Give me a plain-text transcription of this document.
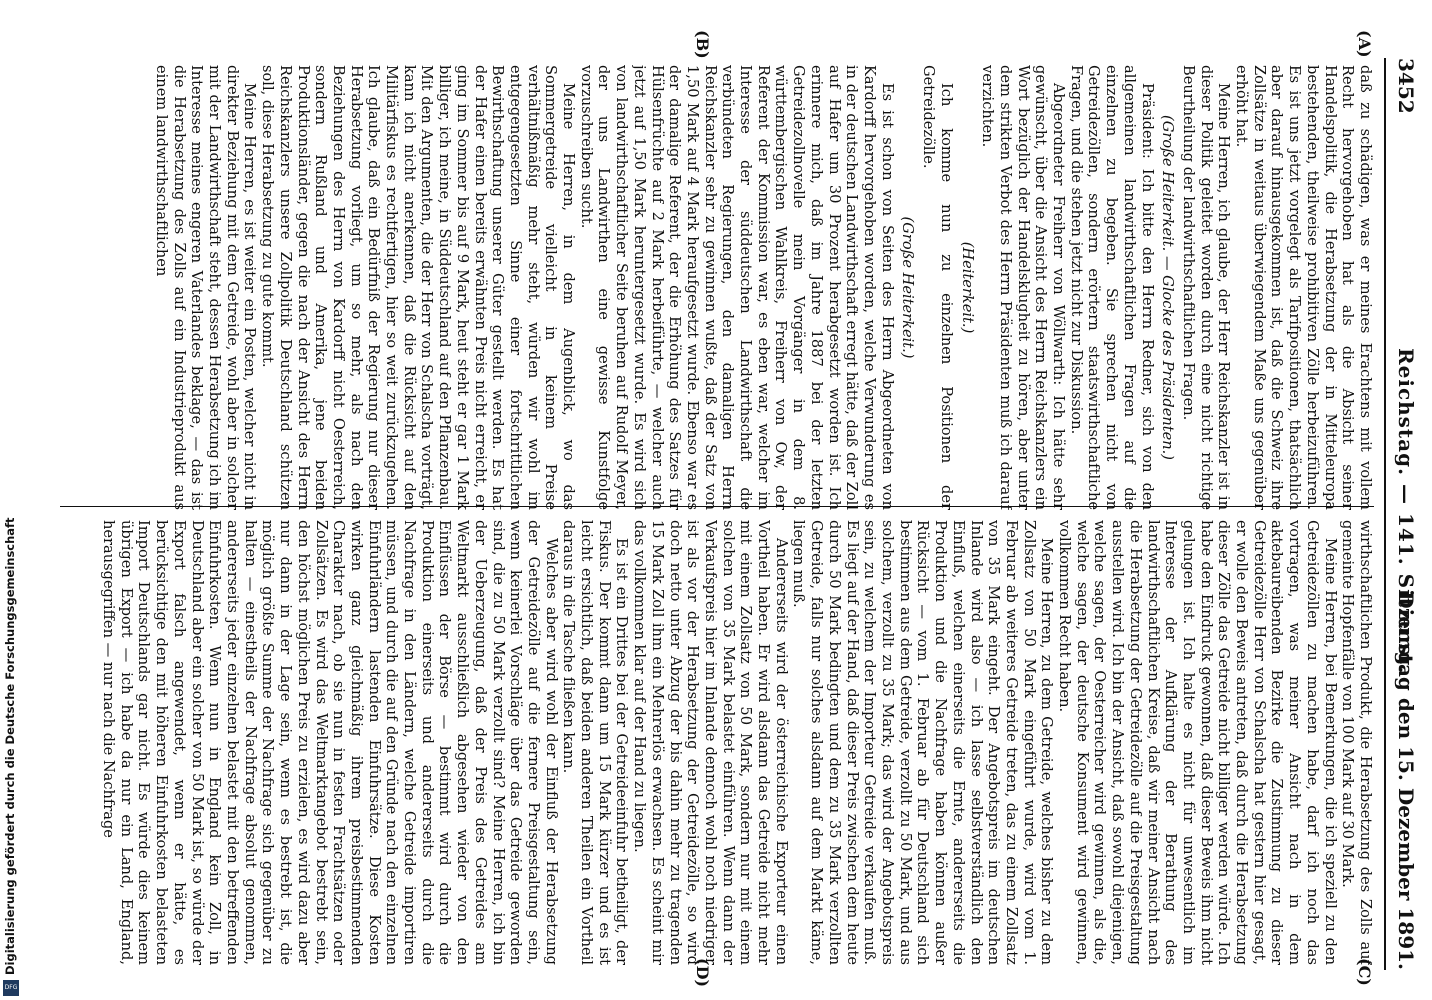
3452
Reichstag. — 141. Sitzung.
Dienstag den 15. Dezember 1891.
(A)
(B)
(C)
(D)

daß zu schädigen, was er meines Erachtens mit vollem Recht hervorgehoben hat als die Absicht seiner Handelspolitik, die Herabsetzung der in Mitteleuropa bestehenden, theilweise prohibitiven Zölle herbeizuführen. Es ist uns jetzt vorgelegt als Tarifpositionen, thatsächlich aber darauf hinausgekommen ist, daß die Schweiz ihre Zollsätze in weitaus überwiegendem Maße uns gegenüber erhöht hat.

Meine Herren, ich glaube, der Herr Reichskanzler ist in dieser Politik geleitet worden durch eine nicht richtige Beurtheilung der landwirthschaftlichen Fragen.

(Große Heiterkeit. — Glocke des Präsidenten.)

Präsident: Ich bitte den Herrn Redner, sich von den allgemeinen landwirthschaftlichen Fragen auf die einzelnen zu begeben. Sie sprechen nicht von Getreidezöllen, sondern erörtern staatswirthschaftliche Fragen, und die stehen jetzt nicht zur Diskussion.

Abgeordneter Freiherr von Wöllwarth: Ich hätte sehr gewünscht, über die Ansicht des Herrn Reichskanzlers ein Wort bezüglich der Handelsklugheit zu hören, aber unter dem strikten Verbot des Herrn Präsidenten muß ich darauf verzichten.

(Heiterkeit.)

Ich komme nun zu einzelnen Positionen der Getreidezölle.

(Große Heiterkeit.)

Es ist schon von Seiten des Herrn Abgeordneten von Kardorff hervorgehoben worden, welche Verwunderung es in der deutschen Landwirthschaft erregt hätte, daß der Zoll auf Hafer um 30 Prozent herabgesetzt worden ist. Ich erinnere mich, daß im Jahre 1887 bei der letzten Getreidezollnovelle mein Vorgänger in dem 8. württembergischen Wahlkreis, Freiherr von Ow, der Referent der Kommission war, es eben war, welcher im Interesse der süddeutschen Landwirthschaft die verbündeten Regierungen, den damaligen Herrn Reichskanzler sehr zu gewinnen wußte, daß der Satz von 1,50 Mark auf 4 Mark heraufgesetzt wurde. Ebenso war es der damalige Referent, der die Erhöhung des Satzes für Hülsenfrüchte auf 2 Mark herbeiführte, — welcher auch jetzt auf 1,50 Mark heruntergesetzt wurde. Es wird sich von landwirthschaftlicher Seite beruhen auf Rudolf Meyer, der uns Landwirthen eine gewisse Kunstfolge vorzuschreiben sucht.

Meine Herren, in dem Augenblick, wo das Sommergetreide vielleicht in keinem Preise verhältnißmäßig mehr steht, würden wir wohl im entgegengesetzten Sinne einer fortschrittlichen Bewirthschaftung unserer Güter gestellt werden. Es hat der Hafer einen bereits erwähnten Preis nicht erreicht, er ging im Sommer bis auf 9 Mark, heut steht er gar 1 Mark billiger, ich meine, in Süddeutschland auf den Pflanzenbau. Mit den Argumenten, die der Herr von Schalscha vorträgt, kann ich nicht anerkennen, daß die Rücksicht auf den Militärfiskus es rechtfertigen, hier so weit zurückzugehen. Ich glaube, daß ein Bedürfniß der Regierung nur dieser Herabsetzung vorliegt, um so mehr, als nach den Beziehungen des Herrn von Kardorff nicht Oesterreich, sondern Rußland und Amerika, jene beiden Produktionsländer, gegen die nach der Ansicht des Herrn Reichskanzlers unsere Zollpolitik Deutschland schützen soll, diese Herabsetzung zu gute kommt.

Meine Herren, es ist weiter ein Posten, welcher nicht in direkter Beziehung mit dem Getreide, wohl aber in solcher mit der Landwirthschaft steht, dessen Herabsetzung ich im Interesse meines engeren Vaterlandes beklage, — das ist die Herabsetzung des Zolls auf ein Industrieprodukt aus einem landwirthschaftlichen

wirthschaftlichen Produkt, die Herabsetzung des Zolls auf gemeinte Hopfenfälle von 100 Mark auf 30 Mark.

Meine Herren, bei Bemerkungen, die ich speziell zu den Getreidezöllen zu machen habe, darf ich noch das vortragen, was meiner Ansicht nach in dem aktebaureibenden Bezirke die Zustimmung zu dieser Getreidezölle Herr von Schalscha hat gestern hier gesagt, er wolle den Beweis antreten, daß durch die Herabsetzung dieser Zölle das Getreide nicht billiger werden würde. Ich habe den Eindruck gewonnen, daß dieser Beweis ihm nicht gelungen ist. Ich halte es nicht für unwesentlich im Interesse der Aufklärung der Berathung des landwirthschaftlichen Kreise, daß wir meiner Ansicht nach die Herabsetzung der Getreidezölle auf die Preisgestaltung ausstellen wird. Ich bin der Ansicht, daß sowohl diejenigen, welche sagen, der Oesterreicher wird gewinnen, als die, welche sagen, der deutsche Konsument wird gewinnen, vollkommen Recht haben.

Meine Herren, zu dem Getreide, welches bisher zu dem Zollsatz von 50 Mark eingeführt wurde, wird vom 1. Februar ab weiteres Getreide treten, das zu einem Zollsatz von 35 Mark eingeht. Der Angebotspreis im deutschen Inlande wird also — ich lasse selbstverständlich den Einfluß, welchen einerseits die Ernte, andererseits die Produktion und die Nachfrage haben können außer Rücksicht — vom 1. Februar ab für Deutschland sich bestimmen aus dem Getreide, verzollt zu 50 Mark, und aus solchem, verzollt zu 35 Mark; das wird der Angebotspreis sein, zu welchem der Importeur Getreide verkaufen muß. Es liegt auf der Hand, daß dieser Preis zwischen dem heute durch 50 Mark bedingten und dem zu 35 Mark verzollten Getreide, falls nur solches alsdann auf dem Markt käme, liegen muß.

Andererseits wird der österreichische Exporteur einen Vortheil haben. Er wird alsdann das Getreide nicht mehr mit einem Zollsatz von 50 Mark, sondern nur mit einem solchen von 35 Mark belastet einführen. Wenn dann der Verkaufspreis hier im Inlande dennoch wohl noch niedriger ist als vor der Herabsetzung der Getreidezölle, so wird doch netto unter Abzug der bis dahin mehr zu tragenden 15 Mark Zoll ihm ein Mehrerlös erwachsen. Es scheint mir das vollkommen klar auf der Hand zu liegen.

Es ist ein Drittes bei der Getreideeinfuhr betheiligt, der Fiskus. Der kommt dann um 15 Mark kürzer und es ist leicht ersichtlich, daß beiden anderen Theilen ein Vortheil daraus in die Tasche fließen kann.

Welches aber wird wohl der Einfluß der Herabsetzung der Getreidezölle auf die fernere Preisgestaltung sein, wenn keinerlei Vorschläge über das Getreide geworden sind, die zu 50 Mark verzollt sind? Meine Herren, ich bin der Ueberzeugung, daß der Preis des Getreides am Weltmarkt ausschließlich abgesehen wieder von den Einflüssen der Börse — bestimmt wird durch die Produktion einerseits und andererseits durch die Nachfrage in den Ländern, welche Getreide importiren müssen, und durch die auf den Gründe nach den einzelnen Einfuhrländern lastenden Einfuhrsätze. Diese Kosten wirken ganz gleichmäßig ihrem preisbestimmenden Charakter nach, ob sie nun in festen Frachtsätzen oder Zollsätzen. Es wird das Weltmarktangebot bestrebt sein, den höchst möglichen Preis zu erzielen, es wird dazu aber nur dann in der Lage sein, wenn es bestrebt ist, die möglich größte Summe der Nachfrage sich gegenüber zu halten — einestheils der Nachfrage absolut genommen, andererseits jeder einzelnen belastet mit den betreffenden Einfuhrkosten. Wenn nun in England kein Zoll, in Deutschland aber ein solcher von 50 Mark ist, so würde der Export falsch angewendet, wenn er hätte, es berücksichtige den mit höheren Einfuhrkosten belasteten Import Deutschlands gar nicht. Es würde dies keinem übrigen Export — ich habe da nur ein Land, England, herausgegriffen — nur nach die Nachfrage

Digitalisierung gefördert durch die Deutsche Forschungsgemeinschaft
DFG
